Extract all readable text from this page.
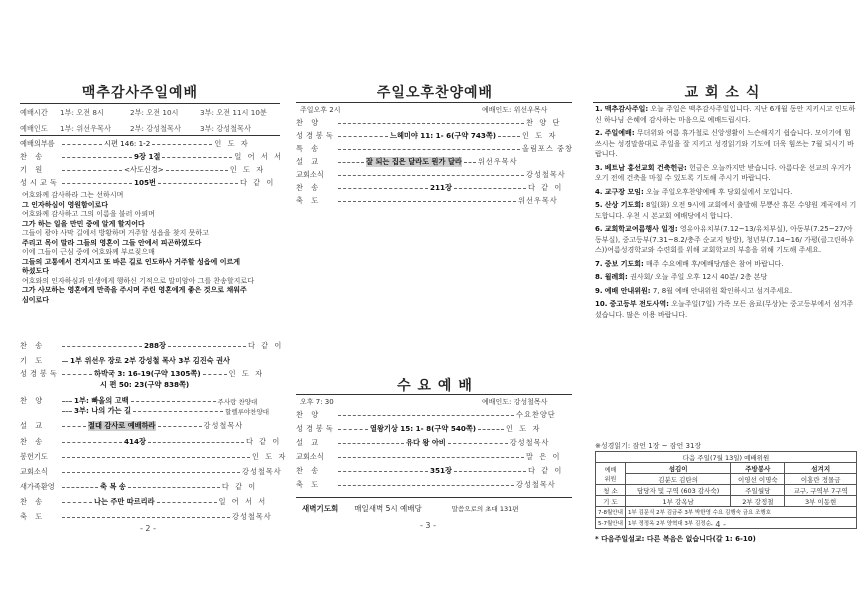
맥추감사주일예배
예배시간	1부: 오전 8시	2부: 오전 10시	3부: 오전 11시 10분
예배인도	1부: 위선우목사	2부: 강성철목사	3부: 강성철목사
예배의부름	시편 146: 1-2	인 도 자
찬 송	9장 1절	일 어 서 서
기 원	<사도신경>	인 도 자
성시교독	105번	다 같 이
여호와께 감사하라 그는 선하시며
그 인자하심이 영원함이로다
여호와께 감사하고 그의 이름을 불러 아뢰며
그가 하는 일을 만민 중에 알게 할지어다
그들이 광야 사막 길에서 방황하며 거주할 성읍을 찾지 못하고
주리고 목이 말라 그들의 영혼이 그들 안에서 피곤하였도다
이에 그들이 근심 중에 여호와께 부르짖으매
그들의 고통에서 건지시고 또 바른 길로 인도하사 거주할 성읍에 이르게
하셨도다
여호와의 인자하심과 인생에게 행하신 기적으로 말미암아 그를 찬송할지로다
그가 사모하는 영혼에게 만족을 주시며 주린 영혼에게 좋은 것으로 채워주
심이로다
찬 송	288장	다 같 이
기 도	1부 위선우 장로 2부 강성철 목사 3부 김진숙 권사
성경봉독	하박국 3: 16-19(구약 1305쪽)	인 도 자
시 편 50: 23(구약 838쪽)
찬 양	1부: 빠올의 고백	주사랑 찬양대
3부: 나의 가는 길	할렐루야찬양대
설 교	절대 감사로 예배하라	강성철목사
찬 송	414장	다 같 이
봉헌기도	인 도 자
교회소식	강성철목사
새가족환영	축 복 송	다 같 이
찬 송	나는 주만 따르리라	일 어 서 서
축 도	강성철목사
- 2 -
주일오후찬양예배
주일오후 2시	예배인도: 위선우목사
찬 양	찬 양 단
성경봉독	느헤미야 11: 1- 6(구약 743쪽)	인 도 자
특 송	올림포스 중창
설 교	잘 되는 집은 달라도 뭔가 달라 위선우목사
교회소식	강성철목사
찬 송	211장	다 같 이
축 도	위선우목사
수 요 예 배
오후 7: 30	예배인도: 강성철목사
찬 양	수요찬양단
성경봉독	열왕기상 15: 1- 8(구약 540쪽)	인 도 자
설 교	유다 왕 아비	강성철목사
교회소식	말 은 이
찬 송	351장	다 같 이
축 도	강성철목사
새벽기도회 매일새벽 5시 예배당	말씀으로의 초대 131편
- 3 -
교 회 소 식
1. 맥추감사주일: 오늘 주일은 맥추감사주일입니다. 지난 6개월 동안 지키시고 인도하신 하나님 은혜에 감사하는 마음으로 예배드립시다.
2. 주일예배: 무더위와 여름 휴가철로 신앙생활이 느슨해지기 쉽습니다. 모이기에 힘쓰시는 성경말씀대로 주일을 잘 지키고 성경읽기와 기도에 더욱 힘쓰는 7월 되시기 바랍니다.
3. 베트남 홍선교회 건축헌금: 헌금은 오늘까지만 받습니다. 아름다운 선교의 우거가 오기 전에 건축을 마칠 수 있도록 기도해 주시기 바랍니다.
4. 교구장 모임: 오늘 주일오후찬양예배 후 당회실에서 모입니다.
5. 산상 기도회: 8일(화) 오전 9시에 교회에서 출발해 무쁭산 휴몬 수양원 계곡에서 기도합니다. 우천 시 본교회 예배당에서 합니다.
6. 교회학교여름행사 일정: 영유아유치부(7.12~13/유치부실), 아동부(7.25~27/아동부실), 중고등부(7.31~8.2/충주 순교지 탐방), 청년부(7.14~16/ 가평(클그린하우스))여름성경학교와 수련회를 위해 교회학교의 부흥을 위해 기도해 주세요.
7. 중보 기도회: 매주 수요예배 후/예배당/많은 참여 바랍니다.
8. 월례회: 권사회/ 오늘 주일 오후 12시 40분/ 2층 본당
9. 예배 안내위원: 7, 8월 예배 안내위원 확인하시고 섬겨주세요.
10. 중고등부 전도사역: 오늘주일(7일) 가족 모든 음료(무상)는 중고등부에서 섬겨주셨습니다. 많은 이용 바랍니다.
※성경읽기: 잠언 1장 ~ 잠언 31장
다음 주일(7월 13일) 예배위원			
예배
위원	섬김이	주방봉사	섬겨지
	김분도 김탄의	이영선 이명숙	이홍란 정몰금
청 소	담당자 및 구역 (603 감사숙)	주일월당	교구, 구역부 7구역
기 도	1부 강옥남	2부 강정철	3부 이동현
7-8월안내	1부 김문식 2부 김금주 3부 박한영 수요 김행숙 금요 조행호		
5-7월안내	1부 정정옥 2부 양혁대 3부 김정순		
* 다음주일설교: 다른 복음은 없습니다(갈 1: 6-10)
- 4 -
